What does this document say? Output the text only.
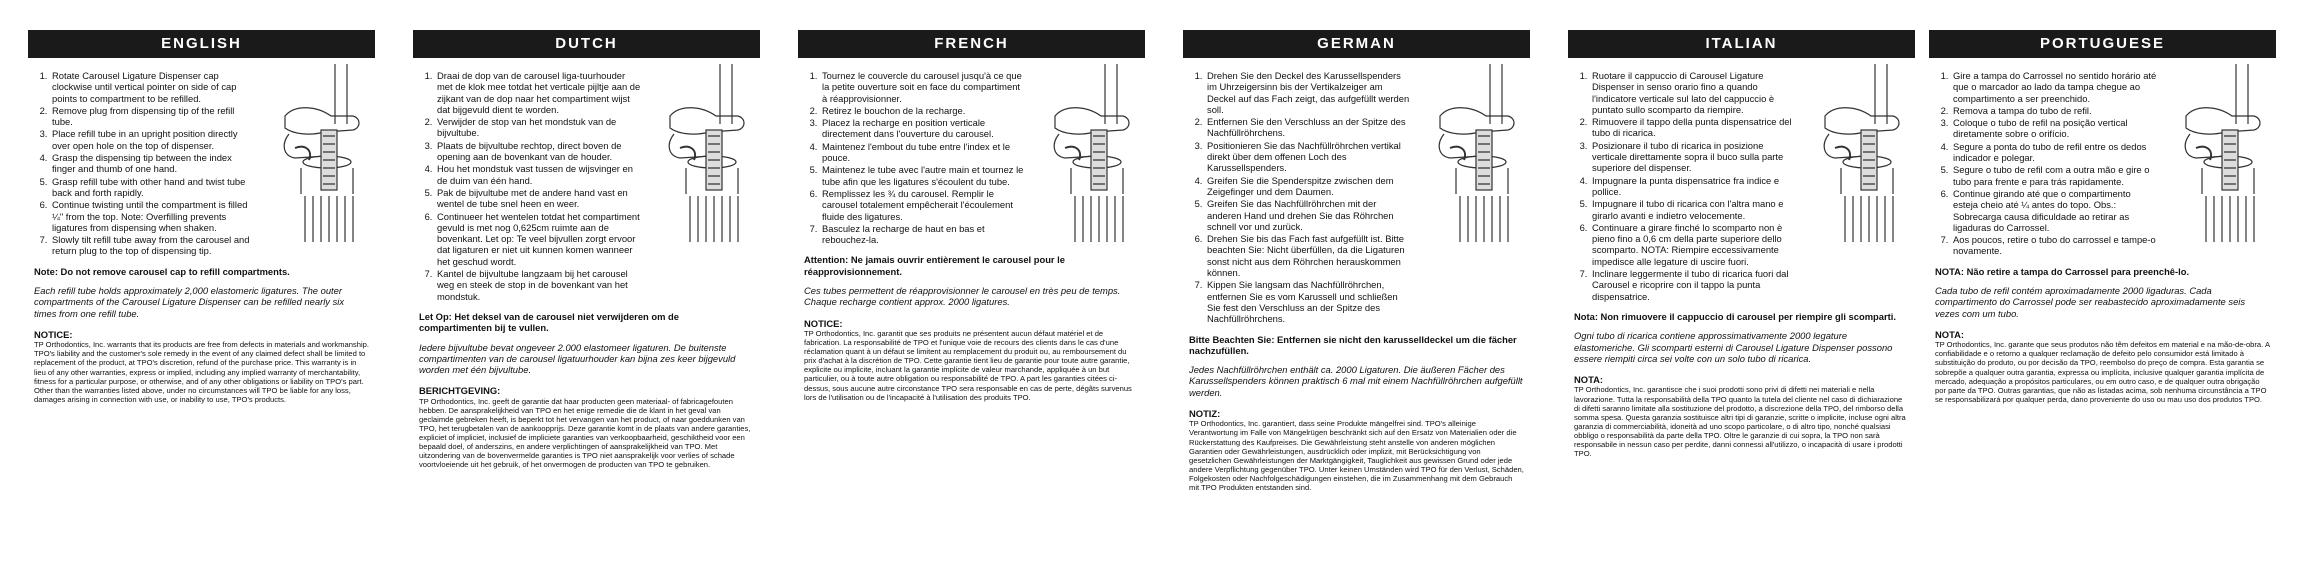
ENGLISH
1. Rotate Carousel Ligature Dispenser cap clockwise until vertical pointer on side of cap points to compartment to be refilled.
2. Remove plug from dispensing tip of the refill tube.
3. Place refill tube in an upright position directly over open hole on the top of dispenser.
4. Grasp the dispensing tip between the index finger and thumb of one hand.
5. Grasp refill tube with other hand and twist tube back and forth rapidly.
6. Continue twisting until the compartment is filled ¼" from the top. Note: Overfilling prevents ligatures from dispensing when shaken.
7. Slowly tilt refill tube away from the carousel and return plug to the top of dispensing tip.

Note: Do not remove carousel cap to refill compartments.

Each refill tube holds approximately 2,000 elastomeric ligatures. The outer compartments of the Carousel Ligature Dispenser can be refilled nearly six times from one refill tube.

NOTICE:

TP Orthodontics, Inc. warrants that its products are free from defects in materials and workmanship. TPO's liability and the customer's sole remedy in the event of any claimed defect shall be limited to replacement of the product, at TPO's discretion, refund of the purchase price. This warranty is in lieu of any other warranties, express or implied, including any implied warranty of merchantability, fitness for a particular purpose, or otherwise, and of any other obligations or liability on TPO's part. Other than the warranties listed above, under no circumstances will TPO be liable for any loss, damages arising in connection with use, or inability to use, TPO's products.

DUTCH
1. Draai de dop van de carousel liga-tuurhouder met de klok mee totdat het verticale pijltje aan de zijkant van de dop naar het compartiment wijst dat bijgevuld dient te worden.
2. Verwijder de stop van het mondstuk van de bijvultube.
3. Plaats de bijvultube rechtop, direct boven de opening aan de bovenkant van de houder.
4. Hou het mondstuk vast tussen de wijsvinger en de duim van één hand.
5. Pak de bijvultube met de andere hand vast en wentel de tube snel heen en weer.
6. Continueer het wentelen totdat het compartiment gevuld is met nog 0,625cm ruimte aan de bovenkant. Let op: Te veel bijvullen zorgt ervoor dat ligaturen er niet uit kunnen komen wanneer het geschud wordt.
7. Kantel de bijvultube langzaam bij het carousel weg en steek de stop in de bovenkant van het mondstuk.

Let Op: Het deksel van de carousel niet verwijderen om de compartimenten bij te vullen.

Iedere bijvultube bevat ongeveer 2.000 elastomeer ligaturen. De buitenste compartimenten van de carousel ligatuurhouder kan bijna zes keer bijgevuld worden met één bijvultube.

BERICHTGEVING:

TP Orthodontics, Inc. geeft de garantie dat haar producten geen materiaal- of fabricagefouten hebben. De aansprakelijkheid van TPO en het enige remedie die de klant in het geval van geclaimde gebreken heeft, is beperkt tot het vervangen van het product, of naar goeddunken van TPO, het terugbetalen van de aankoopprijs. Deze garantie komt in de plaats van andere garanties, expliciet of impliciet, inclusief de impliciete garanties van verkoopbaarheid, geschiktheid voor een bepaald doel, of anderszins, en andere verplichtingen of aansprakelijkheid van TPO. Met uitzondering van de bovenvermelde garanties is TPO niet aansprakelijk voor verlies of schade voortvloeiende uit het gebruik, of het onvermogen de producten van TPO te gebruiken.

FRENCH
1. Tournez le couvercle du carousel jusqu'à ce que la petite ouverture soit en face du compartiment à réapprovisionner.
2. Retirez le bouchon de la recharge.
3. Placez la recharge en position verticale directement dans l'ouverture du carousel.
4. Maintenez l'embout du tube entre l'index et le pouce.
5. Maintenez le tube avec l'autre main et tournez le tube afin que les ligatures s'écoulent du tube.
6. Remplissez les ¾ du carousel. Remplir le carousel totalement empêcherait l'écoulement fluide des ligatures.
7. Basculez la recharge de haut en bas et rebouchez-la.

Attention: Ne jamais ouvrir entièrement le carousel pour le réapprovisionnement.

Ces tubes permettent de réapprovisionner le carousel en très peu de temps. Chaque recharge contient approx. 2000 ligatures.

NOTICE:

TP Orthodontics, Inc. garantit que ses produits ne présentent aucun défaut matériel et de fabrication. La responsabilité de TPO et l'unique voie de recours des clients dans le cas d'une réclamation quant à un défaut se limitent au remplacement du produit ou, au remboursement du prix d'achat à la discrétion de TPO. Cette garantie tient lieu de garantie pour toute autre garantie, explicite ou implicite, incluant la garantie implicite de valeur marchande, appliquée à un but particulier, ou à toute autre obligation ou responsabilité de TPO. A part les garanties citées ci-dessus, sous aucune autre circonstance TPO sera responsable en cas de perte, dégâts survenus lors de l'utilisation ou de l'incapacité à l'utilisation des produits TPO.

GERMAN
1. Drehen Sie den Deckel des Karussellspenders im Uhrzeigersinn bis der Vertikalzeiger am Deckel auf das Fach zeigt, das aufgefüllt werden soll.
2. Entfernen Sie den Verschluss an der Spitze des Nachfüllröhrchens.
3. Positionieren Sie das Nachfüllröhrchen vertikal direkt über dem offenen Loch des Karussellspenders.
4. Greifen Sie die Spenderspitze zwischen dem Zeigefinger und dem Daumen.
5. Greifen Sie das Nachfüllröhrchen mit der anderen Hand und drehen Sie das Röhrchen schnell vor und zurück.
6. Drehen Sie bis das Fach fast aufgefüllt ist. Bitte beachten Sie: Nicht überfüllen, da die Ligaturen sonst nicht aus dem Röhrchen herauskommen können.
7. Kippen Sie langsam das Nachfüllröhrchen, entfernen Sie es vom Karussell und schließen Sie fest den Verschluss an der Spitze des Nachfüllröhrchens.

Bitte Beachten Sie: Entfernen sie nicht den karusselldeckel um die fächer nachzufüllen.

Jedes Nachfüllröhrchen enthält ca. 2000 Ligaturen. Die äußeren Fächer des Karussellspenders können praktisch 6 mal mit einem Nachfüllröhrchen aufgefüllt werden.

NOTIZ:

TP Orthodontics, Inc. garantiert, dass seine Produkte mängelfrei sind. TPO's alleinige Verantwortung im Falle von Mängelrügen beschränkt sich auf den Ersatz von Materialien oder die Rückerstattung des Kaufpreises. Die Gewährleistung steht anstelle von anderen möglichen Garantien oder Gewährleistungen, ausdrücklich oder implizit, mit Berücksichtigung von gesetzlichen Gewährleistungen der Marktgängigkeit, Tauglichkeit aus gewissen Grund oder jede andere Verpflichtung gegenüber TPO. Unter keinen Umständen wird TPO für den Verlust, Schäden, Folgekosten oder Nachfolgeschädigungen einstehen, die im Zusammenhang mit dem Gebrauch mit TPO Produkten entstanden sind.

ITALIAN
1. Ruotare il cappuccio di Carousel Ligature Dispenser in senso orario fino a quando l'indicatore verticale sul lato del cappuccio è puntato sullo scomparto da riempire.
2. Rimuovere il tappo della punta dispensatrice del tubo di ricarica.
3. Posizionare il tubo di ricarica in posizione verticale direttamente sopra il buco sulla parte superiore del dispenser.
4. Impugnare la punta dispensatrice fra indice e pollice.
5. Impugnare il tubo di ricarica con l'altra mano e girarlo avanti e indietro velocemente.
6. Continuare a girare finché lo scomparto non è pieno fino a 0,6 cm della parte superiore dello scomparto. NOTA: Riempire eccessivamente impedisce alle legature di uscire fuori.
7. Inclinare leggermente il tubo di ricarica fuori dal Carousel e ricoprire con il tappo la punta dispensatrice.

Nota: Non rimuovere il cappuccio di carousel per riempire gli scomparti.

Ogni tubo di ricarica contiene approssimativamente 2000 legature elastomeriche. Gli scomparti esterni di Carousel Ligature Dispenser possono essere riempiti circa sei volte con un solo tubo di ricarica.

NOTA:

TP Orthodontics, Inc. garantisce che i suoi prodotti sono privi di difetti nei materiali e nella lavorazione. Tutta la responsabilità della TPO quanto la tutela del cliente nel caso di dichiarazione di difetti saranno limitate alla sostituzione del prodotto, a discrezione della TPO, del rimborso della somma spesa. Questa garanzia sostituisce altri tipi di garanzie, scritte o implicite, incluse ogni altra garanzia di commerciabilità, idoneità ad uno scopo particolare, o di altro tipo, nonché qualsiasi obbligo o responsabilità da parte della TPO. Oltre le garanzie di cui sopra, la TPO non sarà responsabile in nessun caso per perdite, danni connessi all'utilizzo, o incapacità di usare i prodotti TPO.

PORTUGUESE
1. Gire a tampa do Carrossel no sentido horário até que o marcador ao lado da tampa chegue ao compartimento a ser preenchido.
2. Remova a tampa do tubo de refil.
3. Coloque o tubo de refil na posição vertical diretamente sobre o orifício.
4. Segure a ponta do tubo de refil entre os dedos indicador e polegar.
5. Segure o tubo de refil com a outra mão e gire o tubo para frente e para trás rapidamente.
6. Continue girando até que o compartimento esteja cheio até ¼ antes do topo. Obs.: Sobrecarga causa dificuldade ao retirar as ligaduras do Carrossel.
7. Aos poucos, retire o tubo do carrossel e tampe-o novamente.

NOTA: Não retire a tampa do Carrossel para preenchê-lo.

Cada tubo de refil contém aproximadamente 2000 ligaduras. Cada compartimento do Carrossel pode ser reabastecido aproximadamente seis vezes com um tubo.

NOTA:

TP Orthodontics, Inc. garante que seus produtos não têm defeitos em material e na mão-de-obra. A confiabilidade e o retorno a qualquer reclamação de defeito pelo consumidor está limitado à substituição do produto, ou por decisão da TPO, reembolso do preço de compra. Esta garantia se sobrepõe a qualquer outra garantia, expressa ou implícita, inclusive qualquer garantia implícita de mercado, adequação a propósitos particulares, ou em outro caso, e de qualquer outra obrigação por parte da TPO. Outras garantias, que não as listadas acima, sob nenhuma circunstância a TPO se responsabilizará por qualquer perda, dano proveniente do uso ou mau uso dos produtos TPO.
